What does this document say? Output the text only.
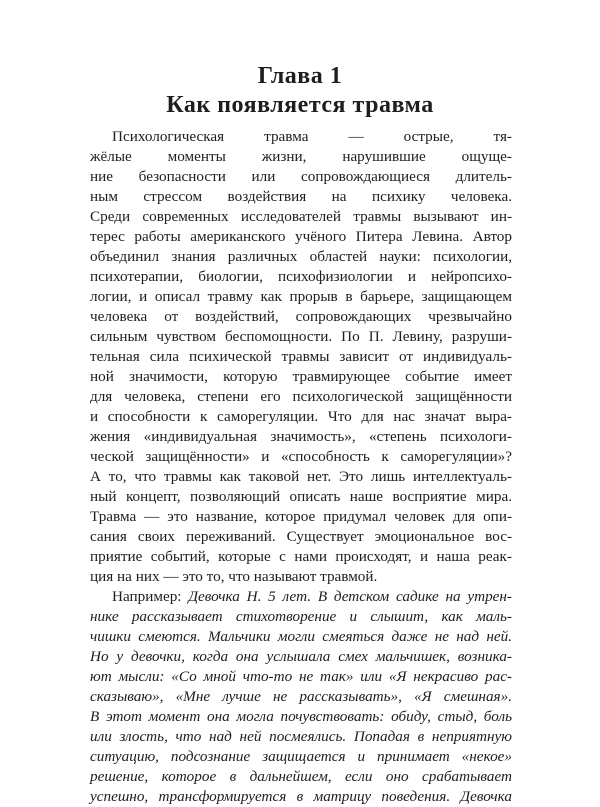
Глава 1
Как появляется травма
Психологическая травма — острые, тя-
жёлые моменты жизни, нарушившие ощуще-
ние безопасности или сопровождающиеся длитель-
ным стрессом воздействия на психику человека.
Среди современных исследователей травмы вызывают ин-
терес работы американского учёного Питера Левина. Автор
объединил знания различных областей науки: психологии,
психотерапии, биологии, психофизиологии и нейропсихо-
логии, и описал травму как прорыв в барьере, защищающем
человека от воздействий, сопровождающих чрезвычайно
сильным чувством беспомощности. По П. Левину, разруши-
тельная сила психической травмы зависит от индивидуаль-
ной значимости, которую травмирующее событие имеет
для человека, степени его психологической защищённости
и способности к саморегуляции. Что для нас значат выра-
жения «индивидуальная значимость», «степень психологи-
ческой защищённости» и «способность к саморегуляции»?
А то, что травмы как таковой нет. Это лишь интеллектуаль-
ный концепт, позволяющий описать наше восприятие мира.
Травма — это название, которое придумал человек для опи-
сания своих переживаний. Существует эмоциональное вос-
приятие событий, которые с нами происходят, и наша реак-
ция на них — это то, что называют травмой.
Например: Девочка Н. 5 лет. В детском садике на утрен-
нике рассказывает стихотворение и слышит, как маль-
чишки смеются. Мальчики могли смеяться даже не над ней.
Но у девочки, когда она услышала смех мальчишек, возника-
ют мысли: «Со мной что-то не так» или «Я некрасиво рас-
сказываю», «Мне лучше не рассказывать», «Я смешная».
В этот момент она могла почувствовать: обиду, стыд, боль
или злость, что над ней посмеялись. Попадая в неприятную
ситуацию, подсознание защищается и принимает «некое»
решение, которое в дальнейшем, если оно срабатывает
успешно, трансформируется в матрицу поведения. Девочка
